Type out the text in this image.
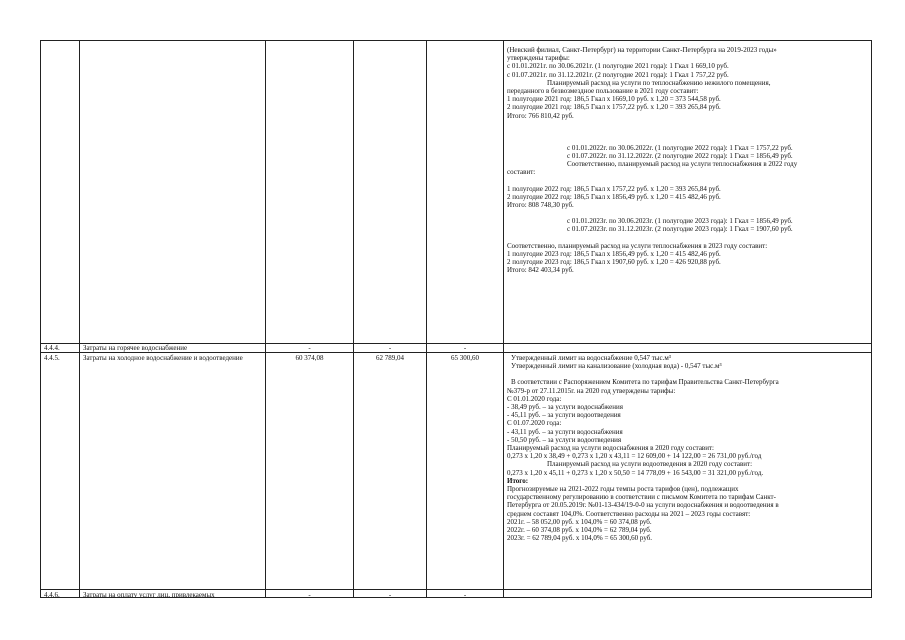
(Невский филиал, Санкт-Петербург) на территории Санкт-Петербурга на 2019-2023 годы»

утверждены тарифы:

с 01.01.2021г. по 30.06.2021г. (1 полугодие 2021 года): 1 Гкал 1 669,10 руб.

с 01.07.2021г. по 31.12.2021г. (2 полугодие 2021 года): 1 Гкал 1 757,22 руб.

Планируемый расход на услуги по теплоснабжению нежилого помещения,

переданного в безвозмездное пользование в 2021 году составит:

1 полугодие 2021 год: 186,5 Гкал х 1669,10 руб. х 1,20 = 373 544,58 руб.

2 полугодие 2021 год: 186,5 Гкал х 1757,22 руб. х 1,20 = 393 265,84 руб.

Итого: 766 810,42 руб.

с 01.01.2022г. по 30.06.2022г. (1 полугодие 2022 года): 1 Гкал = 1757,22 руб.

с 01.07.2022г. по 31.12.2022г. (2 полугодие 2022 года): 1 Гкал = 1856,49 руб.

Соответственно, планируемый расход на услуги теплоснабжения в 2022 году

составит:

1 полугодие 2022 год: 186,5 Гкал х 1757,22 руб. х 1,20 = 393 265,84 руб.

2 полугодие 2022 год: 186,5 Гкал х 1856,49 руб. х 1,20 = 415 482,46 руб.

Итого: 808 748,30 руб.

с 01.01.2023г. по 30.06.2023г. (1 полугодие 2023 года): 1 Гкал = 1856,49 руб.

с 01.07.2023г. по 31.12.2023г. (2 полугодие 2023 года): 1 Гкал = 1907,60 руб.

Соответственно, планируемый расход на услуги теплоснабжения в 2023 году составит:

1 полугодие 2023 год: 186,5 Гкал х 1856,49 руб. х 1,20 = 415 482,46 руб.

2 полугодие 2023 год: 186,5 Гкал х 1907,60 руб. х 1,20 = 426 920,88 руб.

Итого: 842 403,34 руб.

4.4.4.	Затраты на горячее водоснабжение	-	-	-
4.4.5.	Затраты на холодное водоснабжение и водоотведение	60 374,08	62 789,04	65 300,60	Утвержденный лимит на водоснабжение 0,547 тыс.м³

Утвержденный лимит на канализование (холодная вода) - 0,547 тыс.м³

В соответствии с Распоряжением Комитета по тарифам Правительства Санкт-Петербурга

№379-р от 27.11.2015г. на 2020 год утверждены тарифы:

С 01.01.2020 года:

- 38,49 руб. – за услуги водоснабжения

- 45,11 руб. – за услуги водоотведения

С 01.07.2020 года:

- 43,11 руб. – за услуги водоснабжения

- 50,50 руб. – за услуги водоотведения

Планируемый расход на услуги водоснабжения в 2020 году составит:

0,273 х 1,20 х 38,49 + 0,273 х 1,20 х 43,11 = 12 609,00 + 14 122,00 = 26 731,00 руб./год

Планируемый расход на услуги водоотведения в 2020 году составит:

0,273 х 1,20 х 45,11 + 0,273 х 1,20 х 50,50 = 14 778,09 + 16 543,00 = 31 321,00 руб./год.

Итого:

Прогнозируемые на 2021-2022 годы темпы роста тарифов (цен), подлежащих

государственному регулированию в соответствии с письмом Комитета по тарифам Санкт-

Петербурга от 20.05.2019г. №01-13-434/19-0-0 на услуги водоснабжения и водоотведения в

среднем составят 104,0%. Соответственно расходы на 2021 – 2023 годы составят:

2021г. – 58 052,00 руб. х 104,0% = 60 374,08 руб.

2022г. – 60 374,08 руб. х 104,0% = 62 789,04 руб.

2023г. = 62 789,04 руб. х 104,0% = 65 300,60 руб.

4.4.6.	Затраты на оплату услуг лиц, привлекаемых	-	-	-
